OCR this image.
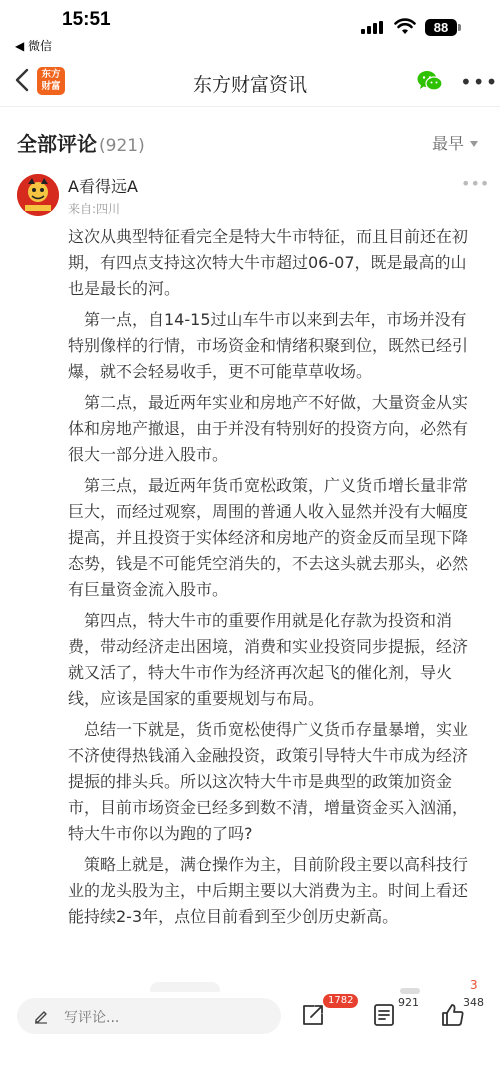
15:51
◀ 微信
88
东方
财富	东方财富资讯	•••
全部评论 (921)	最早
A看得远A
来自:四川
•••

这次从典型特征看完全是特大牛市特征，而且目前还在初期，有四点支持这次特大牛市超过06-07，既是最高的山也是最长的河。

　第一点，自14-15过山车牛市以来到去年，市场并没有特别像样的行情，市场资金和情绪积聚到位，既然已经引爆，就不会轻易收手，更不可能草草收场。

　第二点，最近两年实业和房地产不好做，大量资金从实体和房地产撤退，由于并没有特别好的投资方向，必然有很大一部分进入股市。

　第三点，最近两年货币宽松政策，广义货币增长量非常巨大，而经过观察，周围的普通人收入显然并没有大幅度提高，并且投资于实体经济和房地产的资金反而呈现下降态势，钱是不可能凭空消失的，不去这头就去那头，必然有巨量资金流入股市。

　第四点，特大牛市的重要作用就是化存款为投资和消费，带动经济走出困境，消费和实业投资同步提振，经济就又活了，特大牛市作为经济再次起飞的催化剂，导火线，应该是国家的重要规划与布局。

　总结一下就是，货币宽松使得广义货币存量暴增，实业不济使得热钱涌入金融投资，政策引导特大牛市成为经济提振的排头兵。所以这次特大牛市是典型的政策加资金市，目前市场资金已经多到数不清，增量资金买入汹涌，特大牛市你以为跑的了吗?

　策略上就是，满仓操作为主，目前阶段主要以高科技行业的龙头股为主，中后期主要以大消费为主。时间上看还能持续2-3年，点位目前看到至少创历史新高。

3
写评论...
1782	921	348
